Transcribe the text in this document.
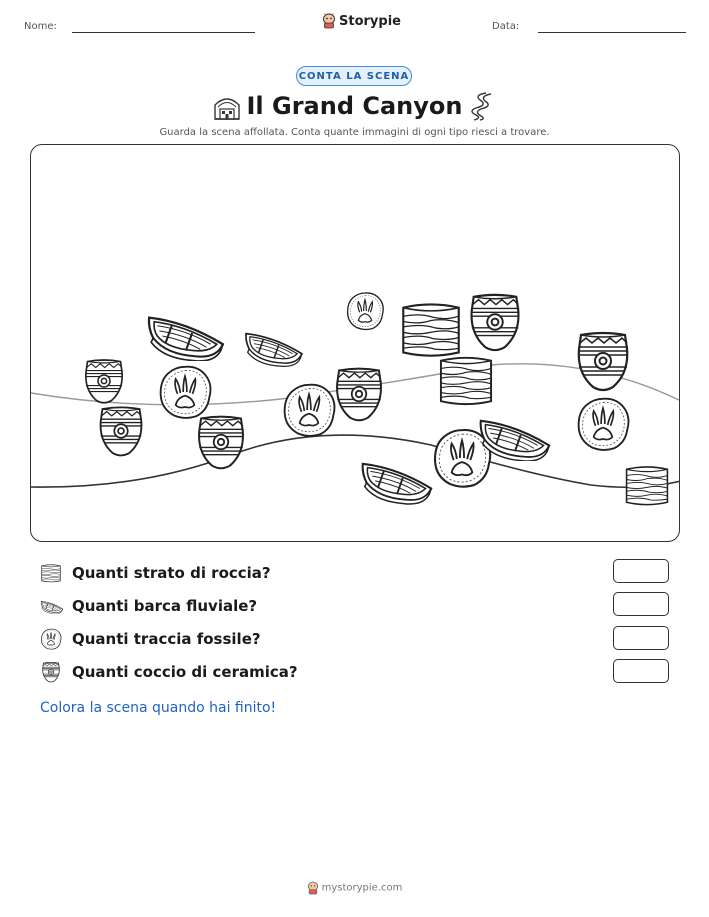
Nome:	Storypie	Data:
CONTA LA SCENA
Il Grand Canyon
Guarda la scena affollata. Conta quante immagini di ogni tipo riesci a trovare.
Quanti strato di roccia?
Quanti barca fluviale?
Quanti traccia fossile?
Quanti coccio di ceramica?
Colora la scena quando hai finito!
mystorypie.com
